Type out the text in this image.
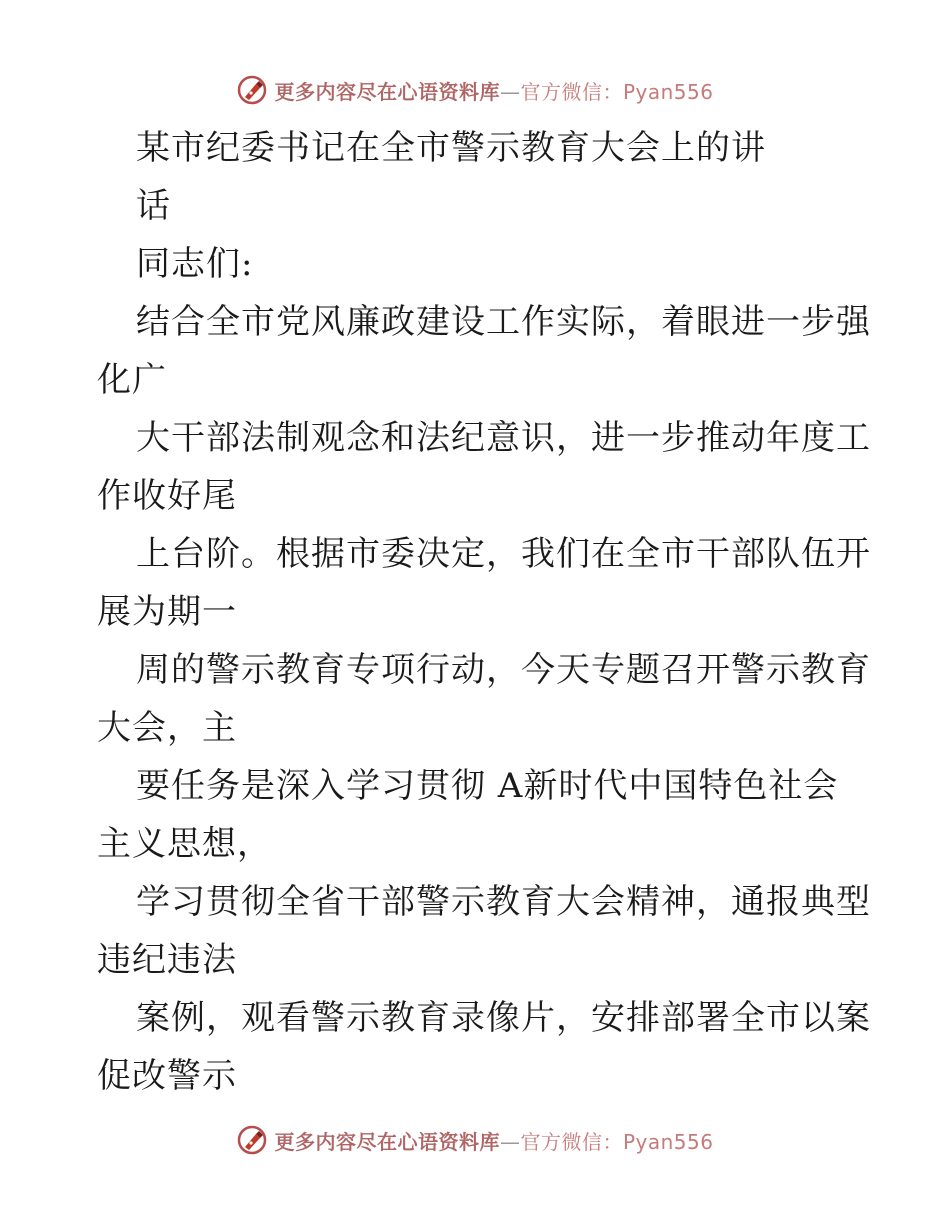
更多内容尽在心语资料库—官方微信：Pyan556
某市纪委书记在全市警示教育大会上的讲
话
同志们:
结合全市党风廉政建设工作实际，着眼进一步强
化广
大干部法制观念和法纪意识，进一步推动年度工
作收好尾
上台阶。根据市委决定，我们在全市干部队伍开
展为期一
周的警示教育专项行动，今天专题召开警示教育
大会，主
要任务是深入学习贯彻 A新时代中国特色社会
主义思想，
学习贯彻全省干部警示教育大会精神，通报典型
违纪违法
案例，观看警示教育录像片，安排部署全市以案
促改警示
更多内容尽在心语资料库—官方微信：Pyan556
